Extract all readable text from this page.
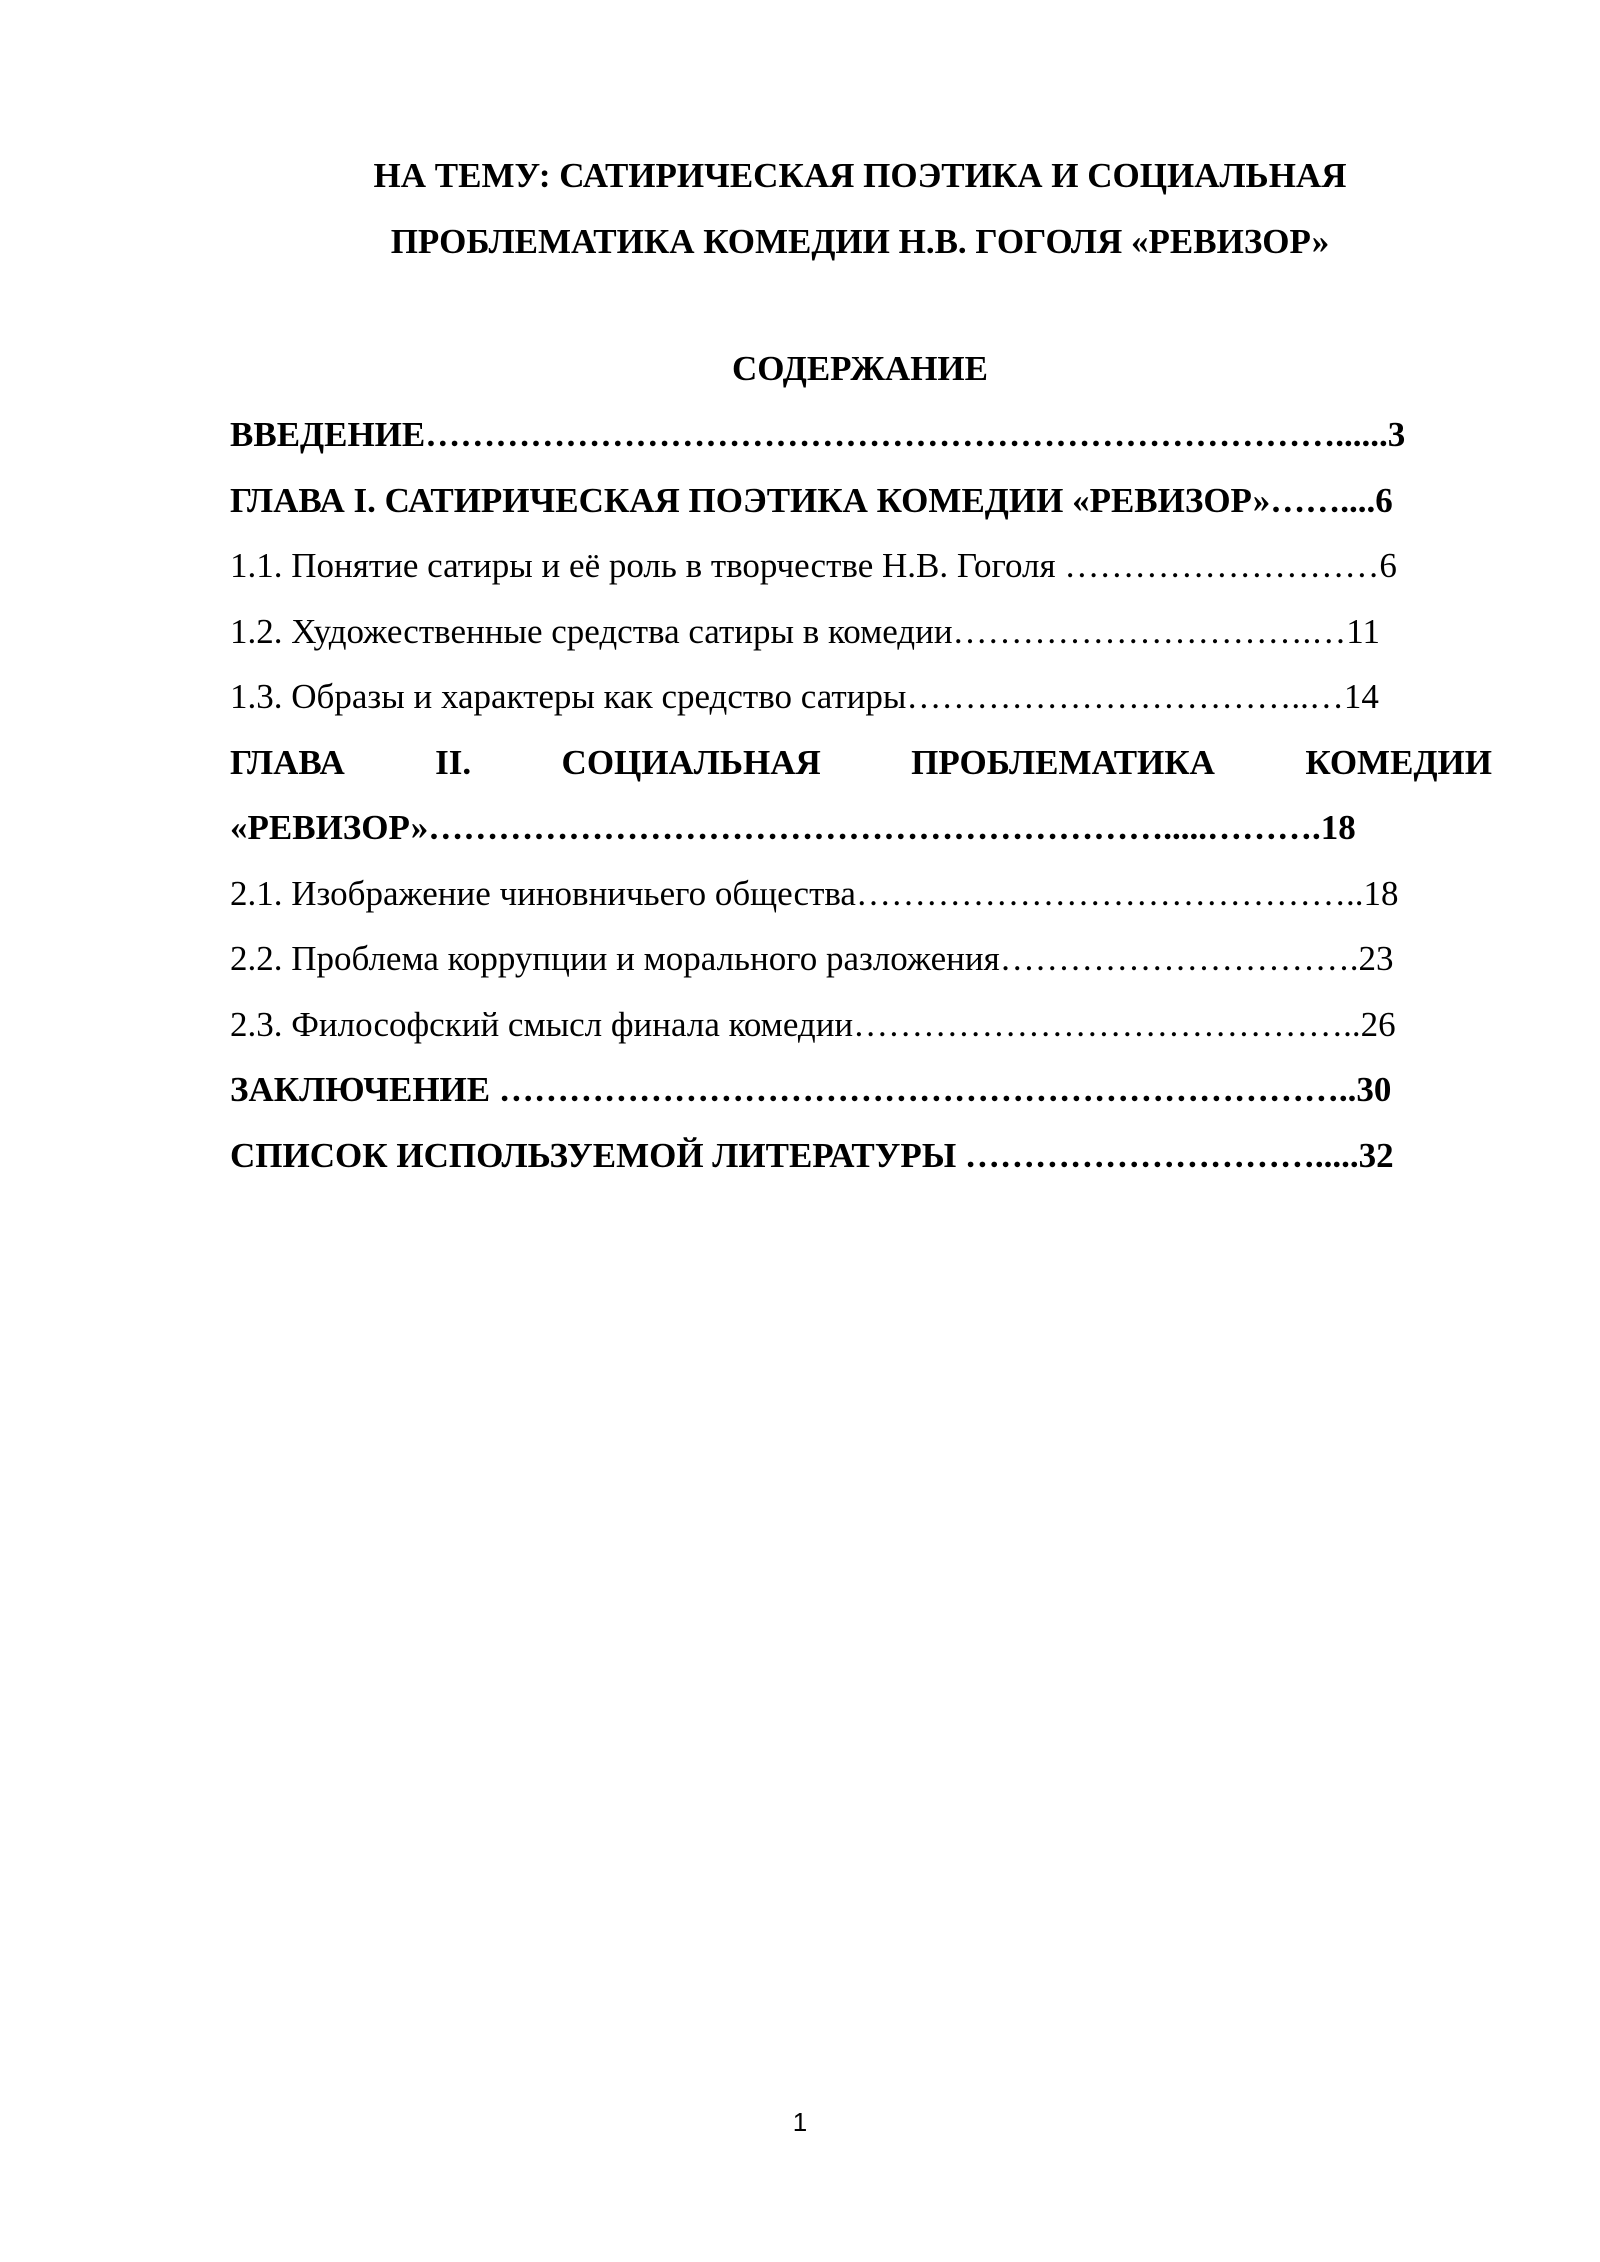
НА ТЕМУ: САТИРИЧЕСКАЯ ПОЭТИКА И СОЦИАЛЬНАЯ
ПРОБЛЕМАТИКА КОМЕДИИ Н.В. ГОГОЛЯ «РЕВИЗОР»
СОДЕРЖАНИЕ
ВВЕДЕНИЕ……………………………………………………………………......3
ГЛАВА I. САТИРИЧЕСКАЯ ПОЭТИКА КОМЕДИИ «РЕВИЗОР»……....6
1.1. Понятие сатиры и её роль в творчестве Н.В. Гоголя ………………………6
1.2. Художественные средства сатиры в комедии………………………….…11
1.3. Образы и характеры как средство сатиры……………………………..…14
ГЛАВА	II.	СОЦИАЛЬНАЯ	ПРОБЛЕМАТИКА	КОМЕДИИ
«РЕВИЗОР»……………………………………………………….....……….18
2.1. Изображение чиновничьего общества……………………………………..18
2.2. Проблема коррупции и морального разложения………………………….23
2.3. Философский смысл финала комедии……………………………………..26
ЗАКЛЮЧЕНИЕ ………………………………………………………………..30
СПИСОК ИСПОЛЬЗУЕМОЙ ЛИТЕРАТУРЫ ………………………….....32
1
